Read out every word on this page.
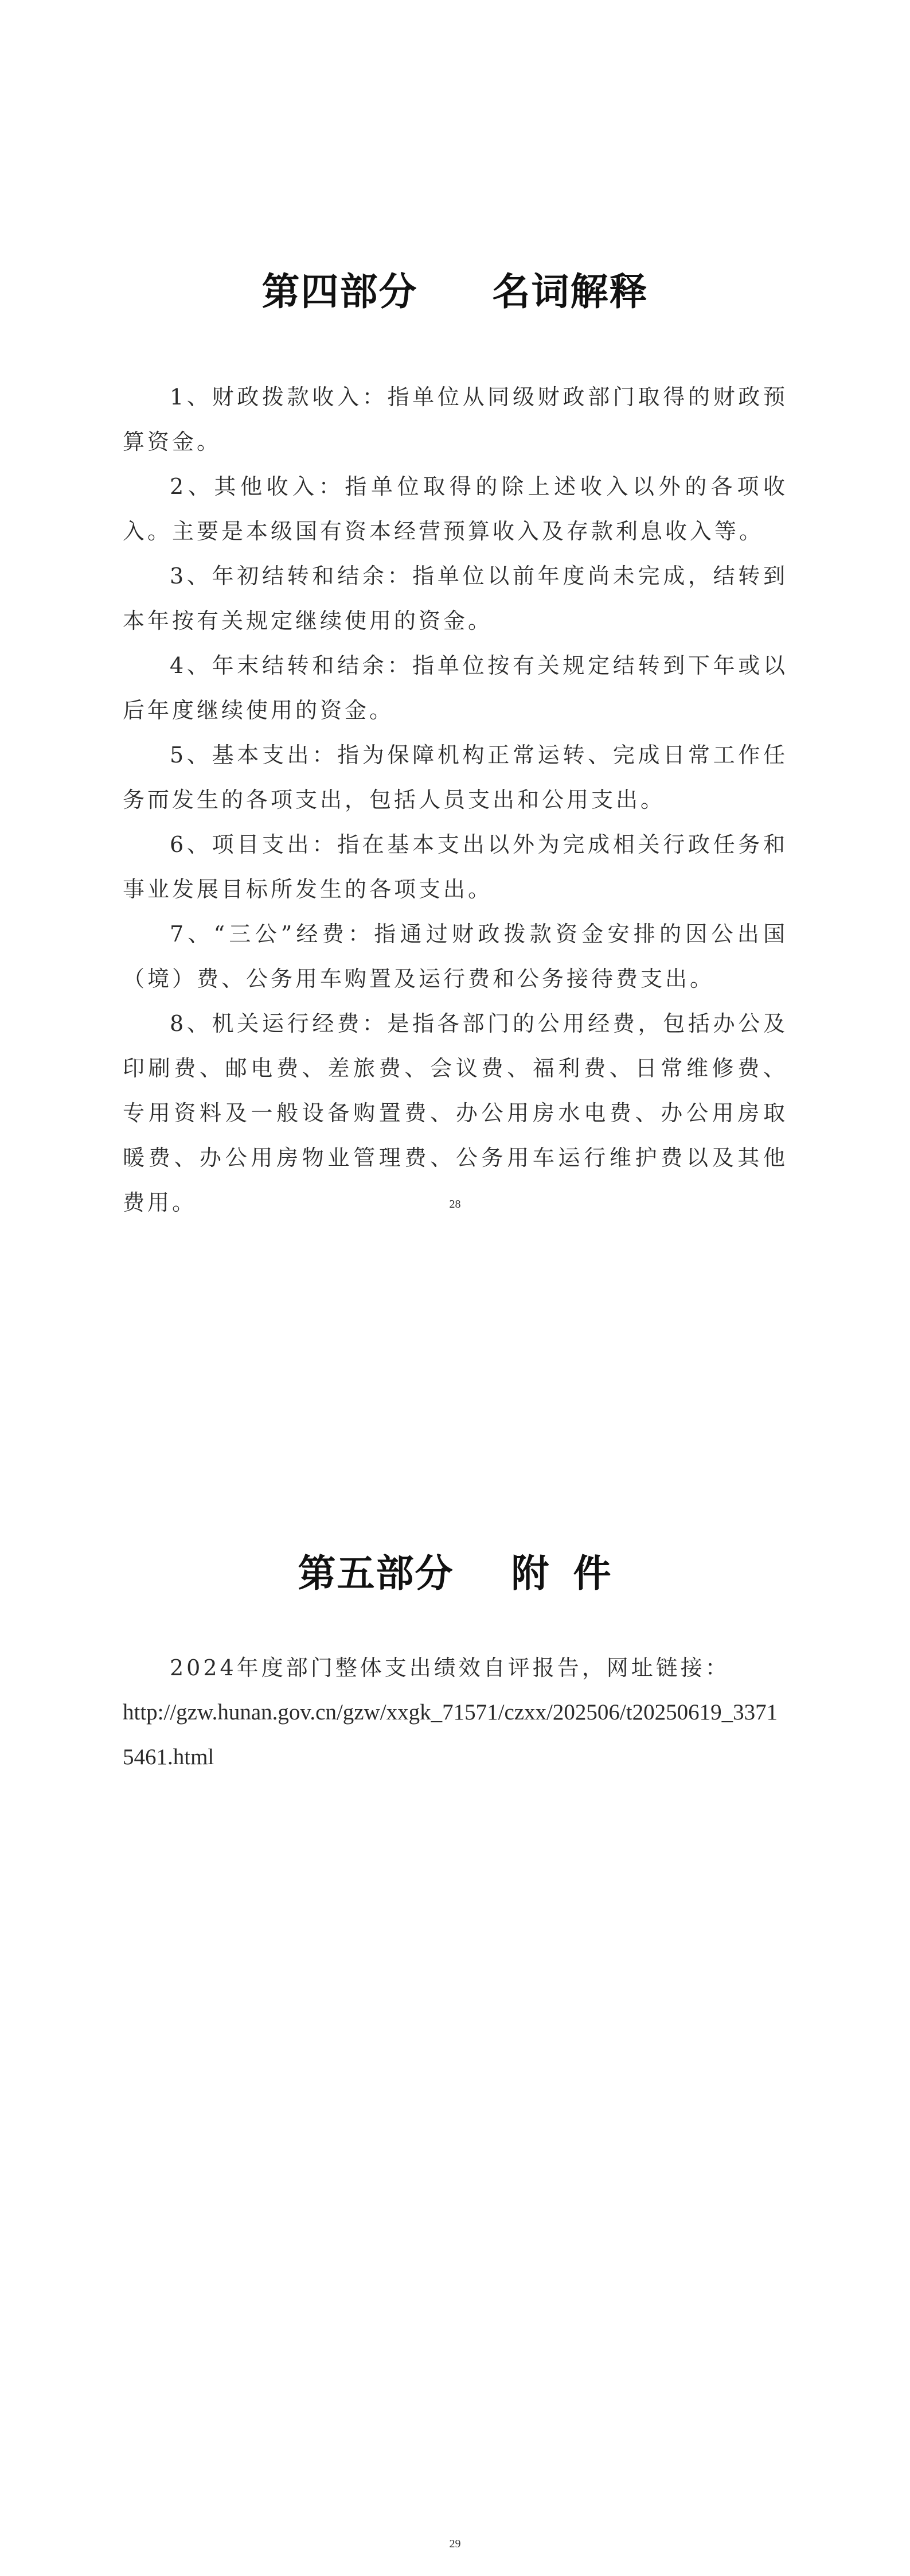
第四部分 名词解释

1、财政拨款收入：指单位从同级财政部门取得的财政预算资金。

2、其他收入：指单位取得的除上述收入以外的各项收入。主要是本级国有资本经营预算收入及存款利息收入等。

3、年初结转和结余：指单位以前年度尚未完成，结转到本年按有关规定继续使用的资金。

4、年末结转和结余：指单位按有关规定结转到下年或以后年度继续使用的资金。

5、基本支出：指为保障机构正常运转、完成日常工作任务而发生的各项支出，包括人员支出和公用支出。

6、项目支出：指在基本支出以外为完成相关行政任务和事业发展目标所发生的各项支出。

7、“三公”经费：指通过财政拨款资金安排的因公出国（境）费、公务用车购置及运行费和公务接待费支出。

8、机关运行经费：是指各部门的公用经费，包括办公及印刷费、邮电费、差旅费、会议费、福利费、日常维修费、专用资料及一般设备购置费、办公用房水电费、办公用房取暖费、办公用房物业管理费、公务用车运行维护费以及其他费用。	28
第五部分 附 件

2024年度部门整体支出绩效自评报告，网址链接：

http://gzw.hunan.gov.cn/gzw/xxgk_71571/czxx/202506/t20250619_33715461.html

29
